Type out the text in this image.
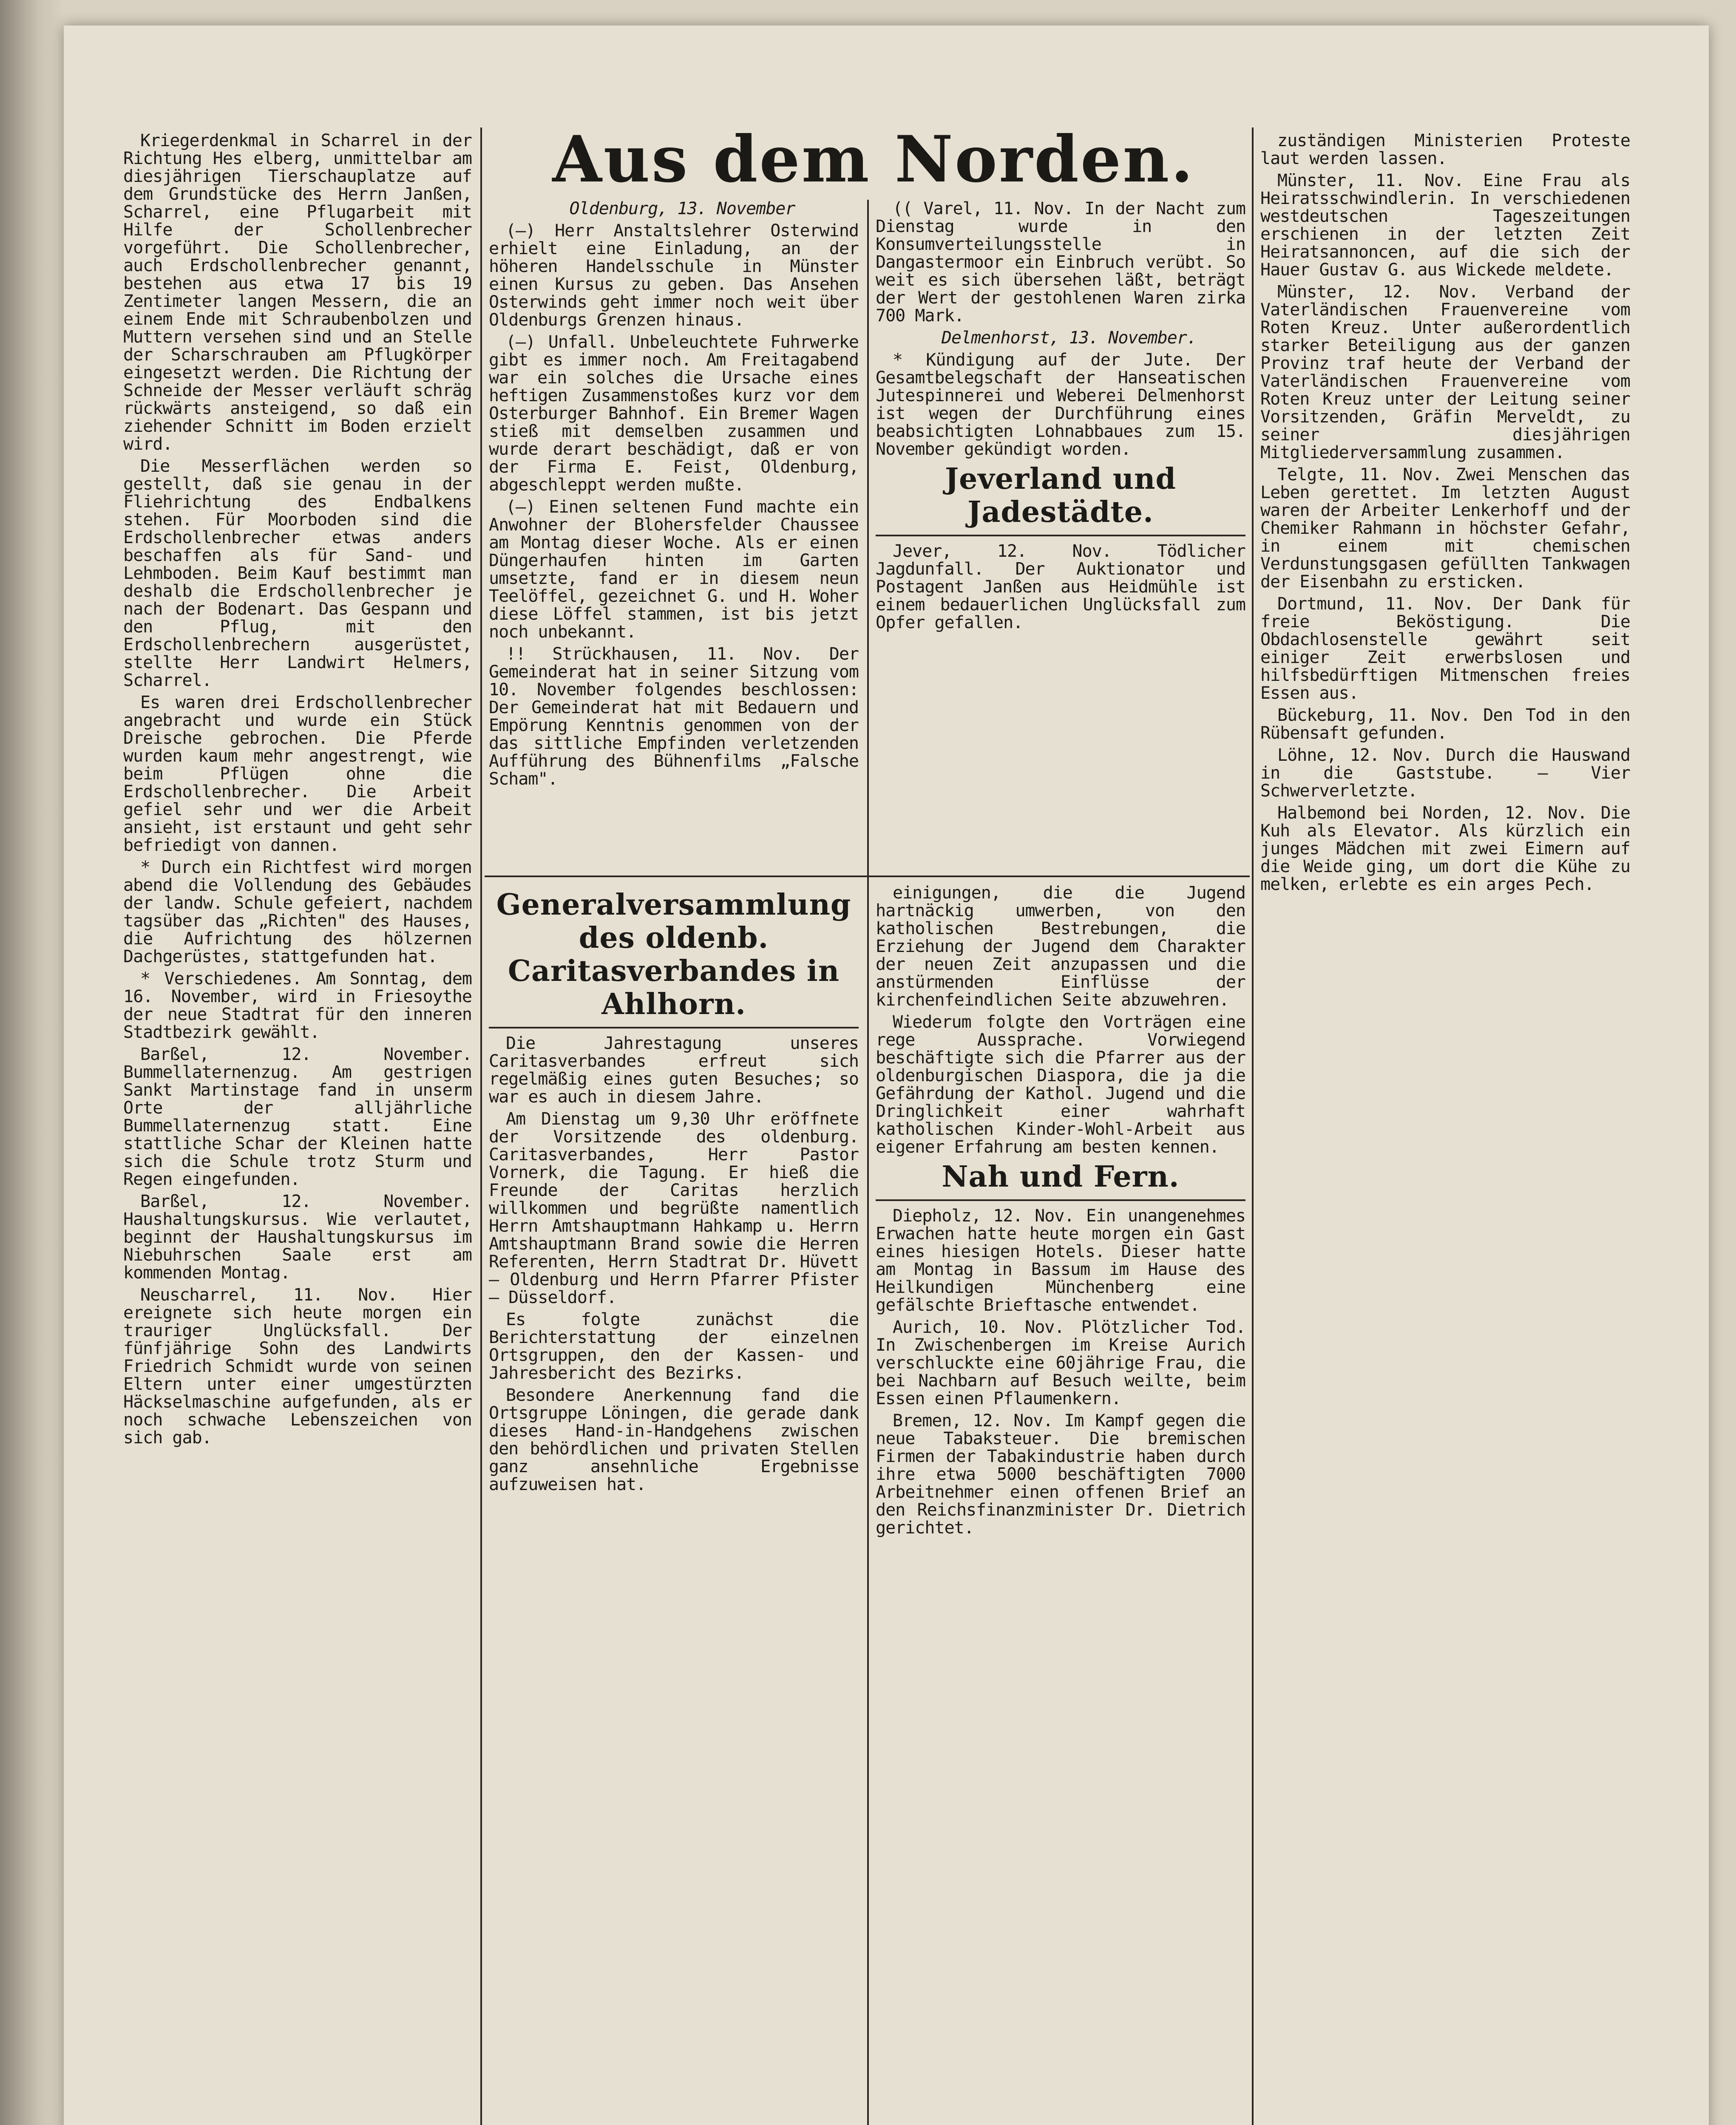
Aus dem Norden.

Kriegerdenkmal in Scharrel in der Richtung Hes elberg, unmittelbar am diesjährigen Tierschauplatze auf dem Grundstücke des Herrn Janßen, Scharrel, eine Pflugarbeit mit Hilfe der Schollenbrecher vorgeführt. Die Schollenbrecher, auch Erdschollenbrecher genannt, bestehen aus etwa 17 bis 19 Zentimeter langen Messern, die an einem Ende mit Schraubenbolzen und Muttern versehen sind und an Stelle der Scharschrauben am Pflugkörper eingesetzt werden. Die Richtung der Schneide der Messer verläuft schräg rückwärts ansteigend, so daß ein ziehender Schnitt im Boden erzielt wird.

Die Messerflächen werden so gestellt, daß sie genau in der Fliehrichtung des Endbalkens stehen. Für Moorboden sind die Erdschollenbrecher etwas anders beschaffen als für Sand- und Lehmboden. Beim Kauf bestimmt man deshalb die Erdschollenbrecher je nach der Bodenart. Das Gespann und den Pflug, mit den Erdschollenbrechern ausgerüstet, stellte Herr Landwirt Helmers, Scharrel.

Es waren drei Erdschollenbrecher angebracht und wurde ein Stück Dreische gebrochen. Die Pferde wurden kaum mehr angestrengt, wie beim Pflügen ohne die Erdschollenbrecher. Die Arbeit gefiel sehr und wer die Arbeit ansieht, ist erstaunt und geht sehr befriedigt von dannen.

* Durch ein Richtfest wird morgen abend die Vollendung des Gebäudes der landw. Schule gefeiert, nachdem tagsüber das „Richten" des Hauses, die Aufrichtung des hölzernen Dachgerüstes, stattgefunden hat.

* Verschiedenes. Am Sonntag, dem 16. November, wird in Friesoythe der neue Stadtrat für den inneren Stadtbezirk gewählt.

Barßel, 12. November. Bummellaternenzug. Am gestrigen Sankt Martinstage fand in unserm Orte der alljährliche Bummellaternenzug statt. Eine stattliche Schar der Kleinen hatte sich die Schule trotz Sturm und Regen eingefunden.

Barßel, 12. November. Haushaltungskursus. Wie verlautet, beginnt der Haushaltungskursus im Niebuhrschen Saale erst am kommenden Montag.

Neuscharrel, 11. Nov. Hier ereignete sich heute morgen ein trauriger Unglücksfall. Der fünfjährige Sohn des Landwirts Friedrich Schmidt wurde von seinen Eltern unter einer umgestürzten Häckselmaschine aufgefunden, als er noch schwache Lebenszeichen von sich gab.

Oldenburg, 13. November

(—) Herr Anstaltslehrer Osterwind erhielt eine Einladung, an der höheren Handelsschule in Münster einen Kursus zu geben. Das Ansehen Osterwinds geht immer noch weit über Oldenburgs Grenzen hinaus.

(—) Unfall. Unbeleuchtete Fuhrwerke gibt es immer noch. Am Freitagabend war ein solches die Ursache eines heftigen Zusammenstoßes kurz vor dem Osterburger Bahnhof. Ein Bremer Wagen stieß mit demselben zusammen und wurde derart beschädigt, daß er von der Firma E. Feist, Oldenburg, abgeschleppt werden mußte.

(—) Einen seltenen Fund machte ein Anwohner der Blohersfelder Chaussee am Montag dieser Woche. Als er einen Düngerhaufen hinten im Garten umsetzte, fand er in diesem neun Teelöffel, gezeichnet G. und H. Woher diese Löffel stammen, ist bis jetzt noch unbekannt.

!! Strückhausen, 11. Nov. Der Gemeinderat hat in seiner Sitzung vom 10. November folgendes beschlossen: Der Gemeinderat hat mit Bedauern und Empörung Kenntnis genommen von der das sittliche Empfinden verletzenden Aufführung des Bühnenfilms „Falsche Scham".

(( Varel, 11. Nov. In der Nacht zum Dienstag wurde in den Konsumverteilungsstelle in Dangastermoor ein Einbruch verübt. So weit es sich übersehen läßt, beträgt der Wert der gestohlenen Waren zirka 700 Mark.

Delmenhorst, 13. November.

* Kündigung auf der Jute. Der Gesamtbelegschaft der Hanseatischen Jutespinnerei und Weberei Delmenhorst ist wegen der Durchführung eines beabsichtigten Lohnabbaues zum 15. November gekündigt worden.

Jeverland und Jadestädte.

Jever, 12. Nov. Tödlicher Jagdunfall. Der Auktionator und Postagent Janßen aus Heidmühle ist einem bedauerlichen Unglücksfall zum Opfer gefallen.

zuständigen Ministerien Proteste laut werden lassen.

Münster, 11. Nov. Eine Frau als Heiratsschwindlerin. In verschiedenen westdeutschen Tageszeitungen erschienen in der letzten Zeit Heiratsannoncen, auf die sich der Hauer Gustav G. aus Wickede meldete.

Münster, 12. Nov. Verband der Vaterländischen Frauenvereine vom Roten Kreuz. Unter außerordentlich starker Beteiligung aus der ganzen Provinz traf heute der Verband der Vaterländischen Frauenvereine vom Roten Kreuz unter der Leitung seiner Vorsitzenden, Gräfin Merveldt, zu seiner diesjährigen Mitgliederversammlung zusammen.

Telgte, 11. Nov. Zwei Menschen das Leben gerettet. Im letzten August waren der Arbeiter Lenkerhoff und der Chemiker Rahmann in höchster Gefahr, in einem mit chemischen Verdunstungsgasen gefüllten Tankwagen der Eisenbahn zu ersticken.

Dortmund, 11. Nov. Der Dank für freie Beköstigung. Die Obdachlosenstelle gewährt seit einiger Zeit erwerbslosen und hilfsbedürftigen Mitmenschen freies Essen aus.

Bückeburg, 11. Nov. Den Tod in den Rübensaft gefunden.

Löhne, 12. Nov. Durch die Hauswand in die Gaststube. — Vier Schwerverletzte.

Halbemond bei Norden, 12. Nov. Die Kuh als Elevator. Als kürzlich ein junges Mädchen mit zwei Eimern auf die Weide ging, um dort die Kühe zu melken, erlebte es ein arges Pech.

Generalversammlung des oldenb. Caritasverbandes in Ahlhorn.

Die Jahrestagung unseres Caritasverbandes erfreut sich regelmäßig eines guten Besuches; so war es auch in diesem Jahre.

Am Dienstag um 9,30 Uhr eröffnete der Vorsitzende des oldenburg. Caritasverbandes, Herr Pastor Vornerk, die Tagung. Er hieß die Freunde der Caritas herzlich willkommen und begrüßte namentlich Herrn Amtshauptmann Hahkamp u. Herrn Amtshauptmann Brand sowie die Herren Referenten, Herrn Stadtrat Dr. Hüvett — Oldenburg und Herrn Pfarrer Pfister — Düsseldorf.

Es folgte zunächst die Berichterstattung der einzelnen Ortsgruppen, den der Kassen- und Jahresbericht des Bezirks.

Besondere Anerkennung fand die Ortsgruppe Löningen, die gerade dank dieses Hand-in-Handgehens zwischen den behördlichen und privaten Stellen ganz ansehnliche Ergebnisse aufzuweisen hat.

einigungen, die die Jugend hartnäckig umwerben, von den katholischen Bestrebungen, die Erziehung der Jugend dem Charakter der neuen Zeit anzupassen und die anstürmenden Einflüsse der kirchenfeindlichen Seite abzuwehren.

Wiederum folgte den Vorträgen eine rege Aussprache. Vorwiegend beschäftigte sich die Pfarrer aus der oldenburgischen Diaspora, die ja die Gefährdung der Kathol. Jugend und die Dringlichkeit einer wahrhaft katholischen Kinder-Wohl-Arbeit aus eigener Erfahrung am besten kennen.

Nah und Fern.

Diepholz, 12. Nov. Ein unangenehmes Erwachen hatte heute morgen ein Gast eines hiesigen Hotels. Dieser hatte am Montag in Bassum im Hause des Heilkundigen Münchenberg eine gefälschte Brieftasche entwendet.

Aurich, 10. Nov. Plötzlicher Tod. In Zwischenbergen im Kreise Aurich verschluckte eine 60jährige Frau, die bei Nachbarn auf Besuch weilte, beim Essen einen Pflaumenkern.

Bremen, 12. Nov. Im Kampf gegen die neue Tabaksteuer. Die bremischen Firmen der Tabakindustrie haben durch ihre etwa 5000 beschäftigten 7000 Arbeitnehmer einen offenen Brief an den Reichsfinanzminister Dr. Dietrich gerichtet.
